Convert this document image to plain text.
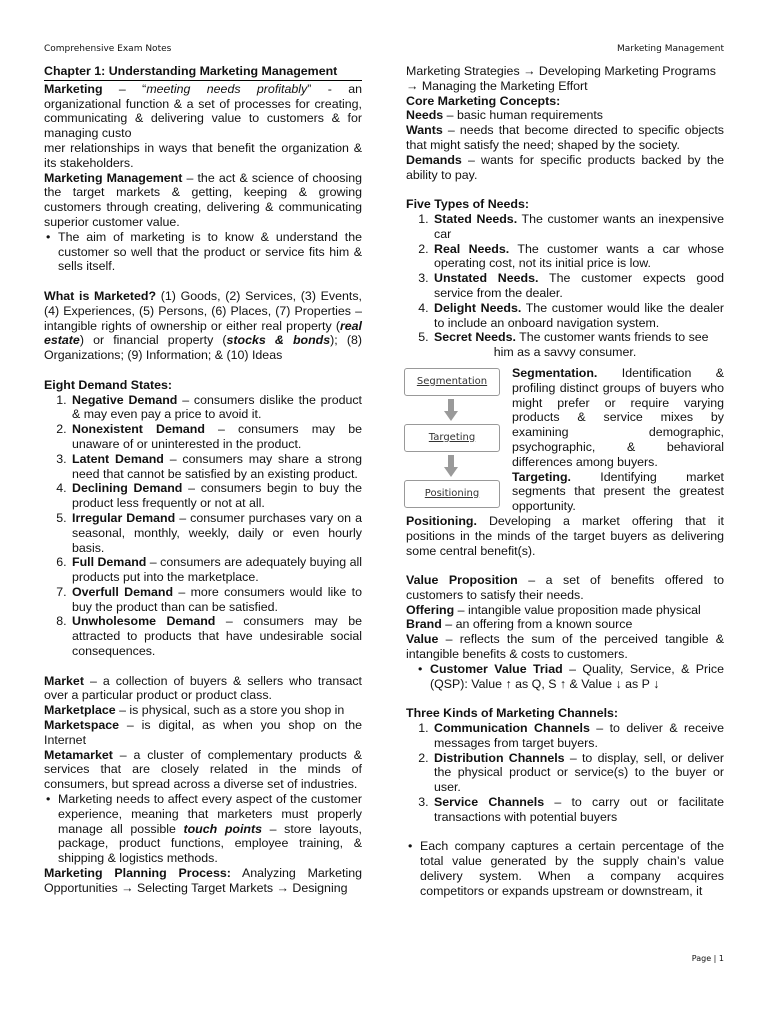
Comprehensive Exam Notes	Marketing Management

Chapter 1: Understanding Marketing Management

Marketing – “meeting needs profitably” - an organizational function & a set of processes for creating, communicating & delivering value to customers & for managing custo
mer relationships in ways that benefit the organization & its stakeholders.

Marketing Management – the act & science of choosing the target markets & getting, keeping & growing customers through creating, delivering & communicating superior customer value.

• The aim of marketing is to know & understand the customer so well that the product or service fits him & sells itself.

What is Marketed? (1) Goods, (2) Services, (3) Events, (4) Experiences, (5) Persons, (6) Places, (7) Properties – intangible rights of ownership or either real property (real estate) or financial property (stocks & bonds); (8) Organizations; (9) Information; & (10) Ideas

Eight Demand States:

1. Negative Demand – consumers dislike the product & may even pay a price to avoid it.
2. Nonexistent Demand – consumers may be unaware of or uninterested in the product.
3. Latent Demand – consumers may share a strong need that cannot be satisfied by an existing product.
4. Declining Demand – consumers begin to buy the product less frequently or not at all.
5. Irregular Demand – consumer purchases vary on a seasonal, monthly, weekly, daily or even hourly basis.
6. Full Demand – consumers are adequately buying all products put into the marketplace.
7. Overfull Demand – more consumers would like to buy the product than can be satisfied.
8. Unwholesome Demand – consumers may be attracted to products that have undesirable social consequences.

Market – a collection of buyers & sellers who transact over a particular product or product class.

Marketplace – is physical, such as a store you shop in

Marketspace – is digital, as when you shop on the Internet

Metamarket – a cluster of complementary products & services that are closely related in the minds of consumers, but spread across a diverse set of industries.

• Marketing needs to affect every aspect of the customer experience, meaning that marketers must properly manage all possible touch points – store layouts, package, product functions, employee training, & shipping & logistics methods.

Marketing Planning Process: Analyzing Marketing Opportunities → Selecting Target Markets → Designing

Marketing Strategies → Developing Marketing Programs → Managing the Marketing Effort

Core Marketing Concepts:

Needs – basic human requirements

Wants – needs that become directed to specific objects that might satisfy the need; shaped by the society.

Demands – wants for specific products backed by the ability to pay.

Five Types of Needs:

1. Stated Needs. The customer wants an inexpensive car
2. Real Needs. The customer wants a car whose operating cost, not its initial price is low.
3. Unstated Needs. The customer expects good service from the dealer.
4. Delight Needs. The customer would like the dealer to include an onboard navigation system.
5. Secret Needs. The customer wants friends to see

him as a savvy consumer.

Segmentation
Targeting
Positioning

Segmentation. Identification & profiling distinct groups of buyers who might prefer or require varying products & service mixes by examining demographic, psychographic, & behavioral differences among buyers.

Targeting. Identifying market segments that present the greatest opportunity.

Positioning. Developing a market offering that it positions in the minds of the target buyers as delivering some central benefit(s).

Value Proposition – a set of benefits offered to customers to satisfy their needs.

Offering – intangible value proposition made physical

Brand – an offering from a known source

Value – reflects the sum of the perceived tangible & intangible benefits & costs to customers.

• Customer Value Triad – Quality, Service, & Price (QSP): Value ↑ as Q, S ↑ & Value ↓ as P ↓

Three Kinds of Marketing Channels:

1. Communication Channels – to deliver & receive messages from target buyers.
2. Distribution Channels – to display, sell, or deliver the physical product or service(s) to the buyer or user.
3. Service Channels – to carry out or facilitate transactions with potential buyers
• Each company captures a certain percentage of the total value generated by the supply chain’s value delivery system. When a company acquires competitors or expands upstream or downstream, it
Page | 1
